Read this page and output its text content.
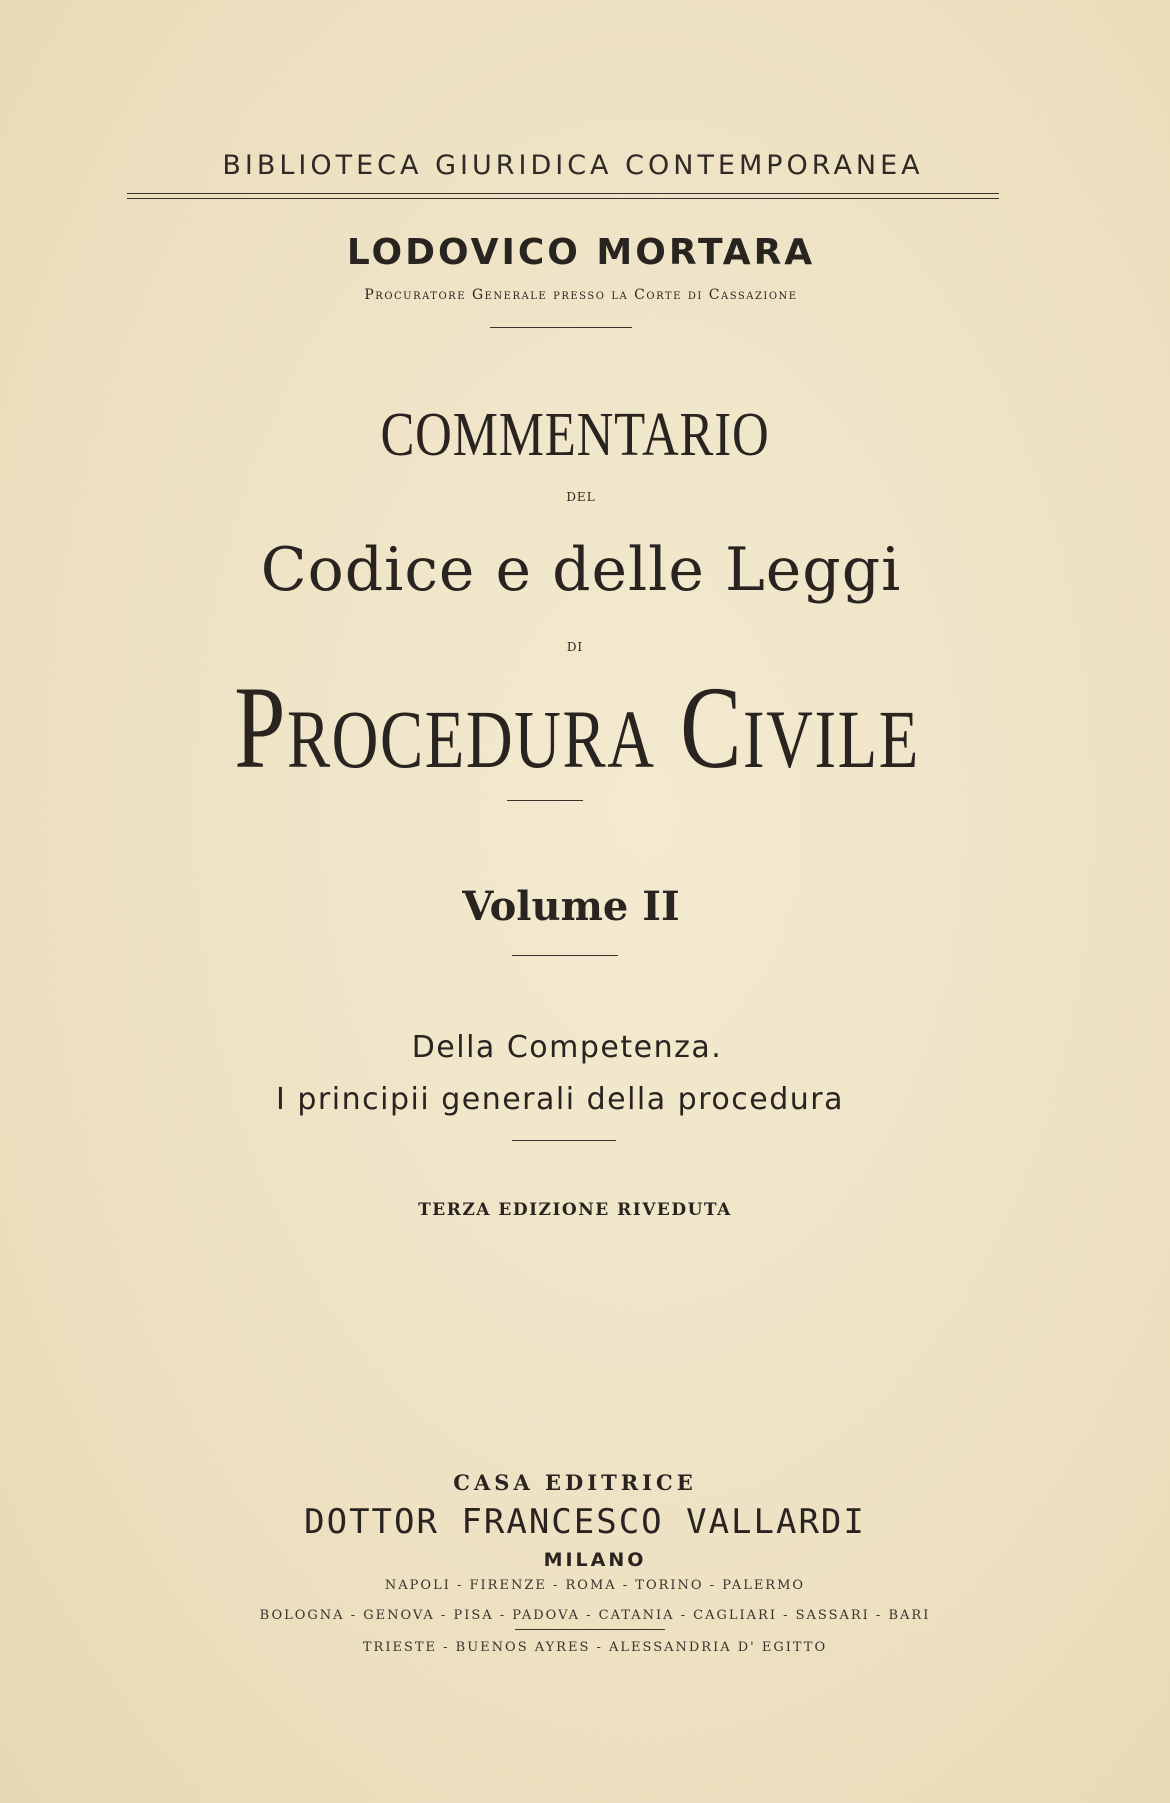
BIBLIOTECA GIURIDICA CONTEMPORANEA
LODOVICO MORTARA
Procuratore Generale presso la Corte di Cassazione
COMMENTARIO
DEL
Codice e delle Leggi
DI
Procedura Civile
Volume II
Della Competenza.
I principii generali della procedura
TERZA EDIZIONE RIVEDUTA
CASA EDITRICE
DOTTOR FRANCESCO VALLARDI
MILANO
NAPOLI - FIRENZE - ROMA - TORINO - PALERMO
BOLOGNA - GENOVA - PISA - PADOVA - CATANIA - CAGLIARI - SASSARI - BARI
TRIESTE - BUENOS AYRES - ALESSANDRIA D' EGITTO
